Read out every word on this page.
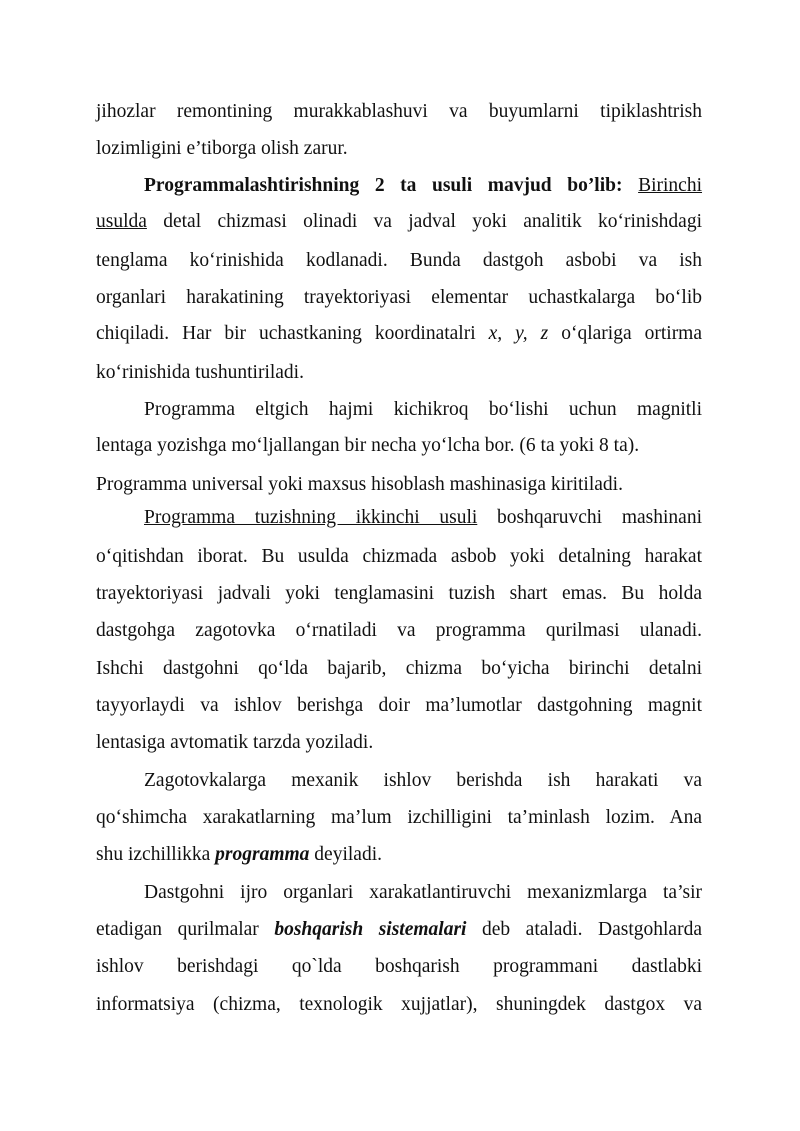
jihozlar remontining murakkablashuvi va buyumlarni tipiklashtrish
lozimligini e’tiborga olish zarur.
Programmalashtirishning 2 ta usuli mavjud bo’lib: Birinchi
usulda detal chizmasi olinadi va jadval yoki analitik ko‘rinishdagi
tenglama ko‘rinishida kodlanadi. Bunda dastgoh asbobi va ish
organlari harakatining trayektoriyasi elementar uchastkalarga bo‘lib
chiqiladi. Har bir uchastkaning koordinatalri x, y, z o‘qlariga ortirma
ko‘rinishida tushuntiriladi.
Programma eltgich hajmi kichikroq bo‘lishi uchun magnitli
lentaga yozishga mo‘ljallangan bir necha yo‘lcha bor. (6 ta yoki 8 ta).
Programma universal yoki maxsus hisoblash mashinasiga kiritiladi.
Programma tuzishning ikkinchi usuli boshqaruvchi mashinani
o‘qitishdan iborat. Bu usulda chizmada asbob yoki detalning harakat
trayektoriyasi jadvali yoki tenglamasini tuzish shart emas. Bu holda
dastgohga zagotovka o‘rnatiladi va programma qurilmasi ulanadi.
Ishchi dastgohni qo‘lda bajarib, chizma bo‘yicha birinchi detalni
tayyorlaydi va ishlov berishga doir ma’lumotlar dastgohning magnit
lentasiga avtomatik tarzda yoziladi.
Zagotovkalarga mexanik ishlov berishda ish harakati va
qo‘shimcha xarakatlarning ma’lum izchilligini ta’minlash lozim. Ana
shu izchillikka programma deyiladi.
Dastgohni ijro organlari xarakatlantiruvchi mexanizmlarga ta’sir
etadigan qurilmalar boshqarish sistemalari deb ataladi. Dastgohlarda
ishlov berishdagi qo`lda boshqarish programmani dastlabki
informatsiya (chizma, texnologik xujjatlar), shuningdek dastgox va
